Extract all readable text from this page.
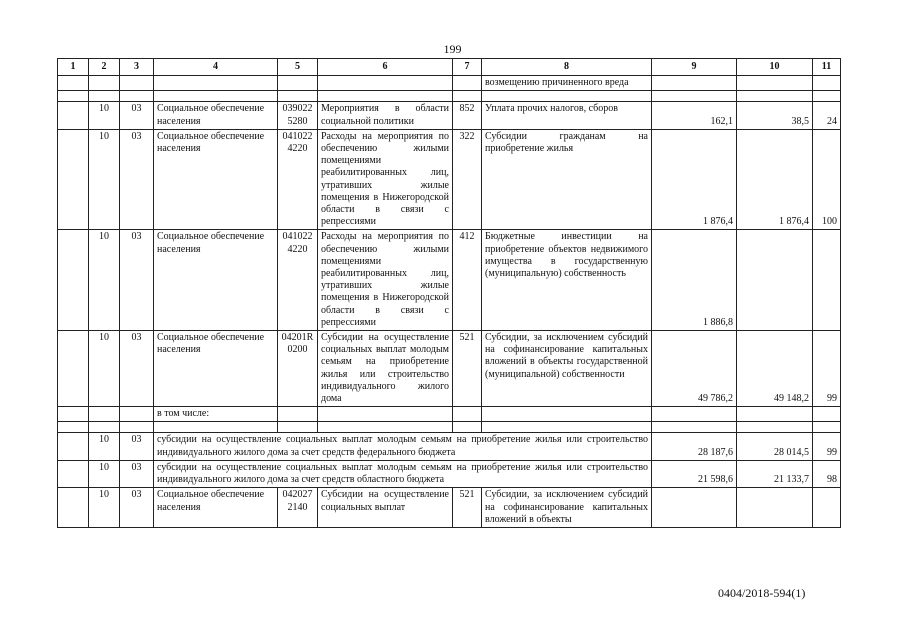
199
1	2	3	4	5	6	7	8	9	10	11
							возмещению причиненного вреда			

	10	03	Социальное обеспечение населения	039022 5280	Мероприятия в области социальной политики	852	Уплата прочих налогов, сборов	162,1	38,5	24
	10	03	Социальное обеспечение населения	041022 4220	Расходы на мероприятия по обеспечению жилыми помещениями реабилитированных лиц, утративших жилые помещения в Нижегородской области в связи с репрессиями	322	Субсидии гражданам на приобретение жилья	1 876,4	1 876,4	100
	10	03	Социальное обеспечение населения	041022 4220	Расходы на мероприятия по обеспечению жилыми помещениями реабилитированных лиц, утративших жилые помещения в Нижегородской области в связи с репрессиями	412	Бюджетные инвестиции на приобретение объектов недвижимого имущества в государственную (муниципальную) собственность	1 886,8		
	10	03	Социальное обеспечение населения	04201R 0200	Субсидии на осуществление социальных выплат молодым семьям на приобретение жилья или строительство индивидуального жилого дома	521	Субсидии, за исключением субсидий на софинансирование капитальных вложений в объекты государственной (муниципальной) собственности	49 786,2	49 148,2	99
			в том числе:							

	10	03	субсидии на осуществление социальных выплат молодым семьям на приобретение жилья или строительство индивидуального жилого дома за счет средств федерального бюджета					28 187,6	28 014,5	99
	10	03	субсидии на осуществление социальных выплат молодым семьям на приобретение жилья или строительство индивидуального жилого дома за счет средств областного бюджета					21 598,6	21 133,7	98
	10	03	Социальное обеспечение населения	042027 2140	Субсидии на осуществление социальных выплат	521	Субсидии, за исключением субсидий на софинансирование капитальных вложений в объекты			
0404/2018-594(1)
